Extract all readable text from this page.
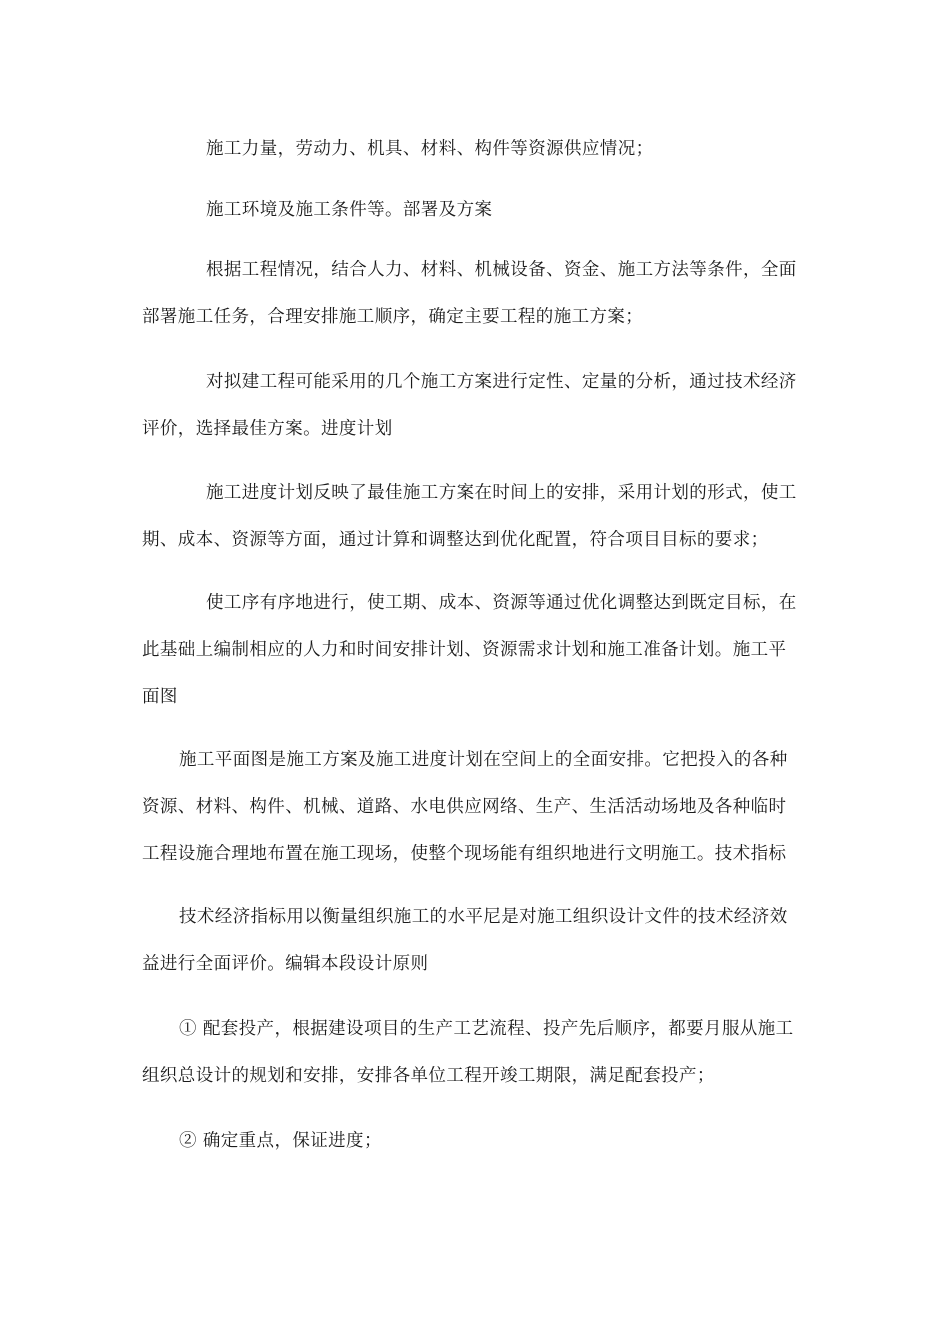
施工力量，劳动力、机具、材料、构件等资源供应情况；

施工环境及施工条件等。部署及方案

根据工程情况，结合人力、材料、机械设备、资金、施工方法等条件，全面
部署施工任务，合理安排施工顺序，确定主要工程的施工方案；

对拟建工程可能采用的几个施工方案进行定性、定量的分析，通过技术经济
评价，选择最佳方案。进度计划

施工进度计划反映了最佳施工方案在时间上的安排，采用计划的形式，使工
期、成本、资源等方面，通过计算和调整达到优化配置，符合项目目标的要求；

使工序有序地进行，使工期、成本、资源等通过优化调整达到既定目标，在
此基础上编制相应的人力和时间安排计划、资源需求计划和施工准备计划。施工平
面图

施工平面图是施工方案及施工进度计划在空间上的全面安排。它把投入的各种
资源、材料、构件、机械、道路、水电供应网络、生产、生活活动场地及各种临时
工程设施合理地布置在施工现场，使整个现场能有组织地进行文明施工。技术指标

技术经济指标用以衡量组织施工的水平尼是对施工组织设计文件的技术经济效
益进行全面评价。编辑本段设计原则

① 配套投产，根据建设项目的生产工艺流程、投产先后顺序，都要月服从施工
组织总设计的规划和安排，安排各单位工程开竣工期限，满足配套投产；

② 确定重点，保证进度；
